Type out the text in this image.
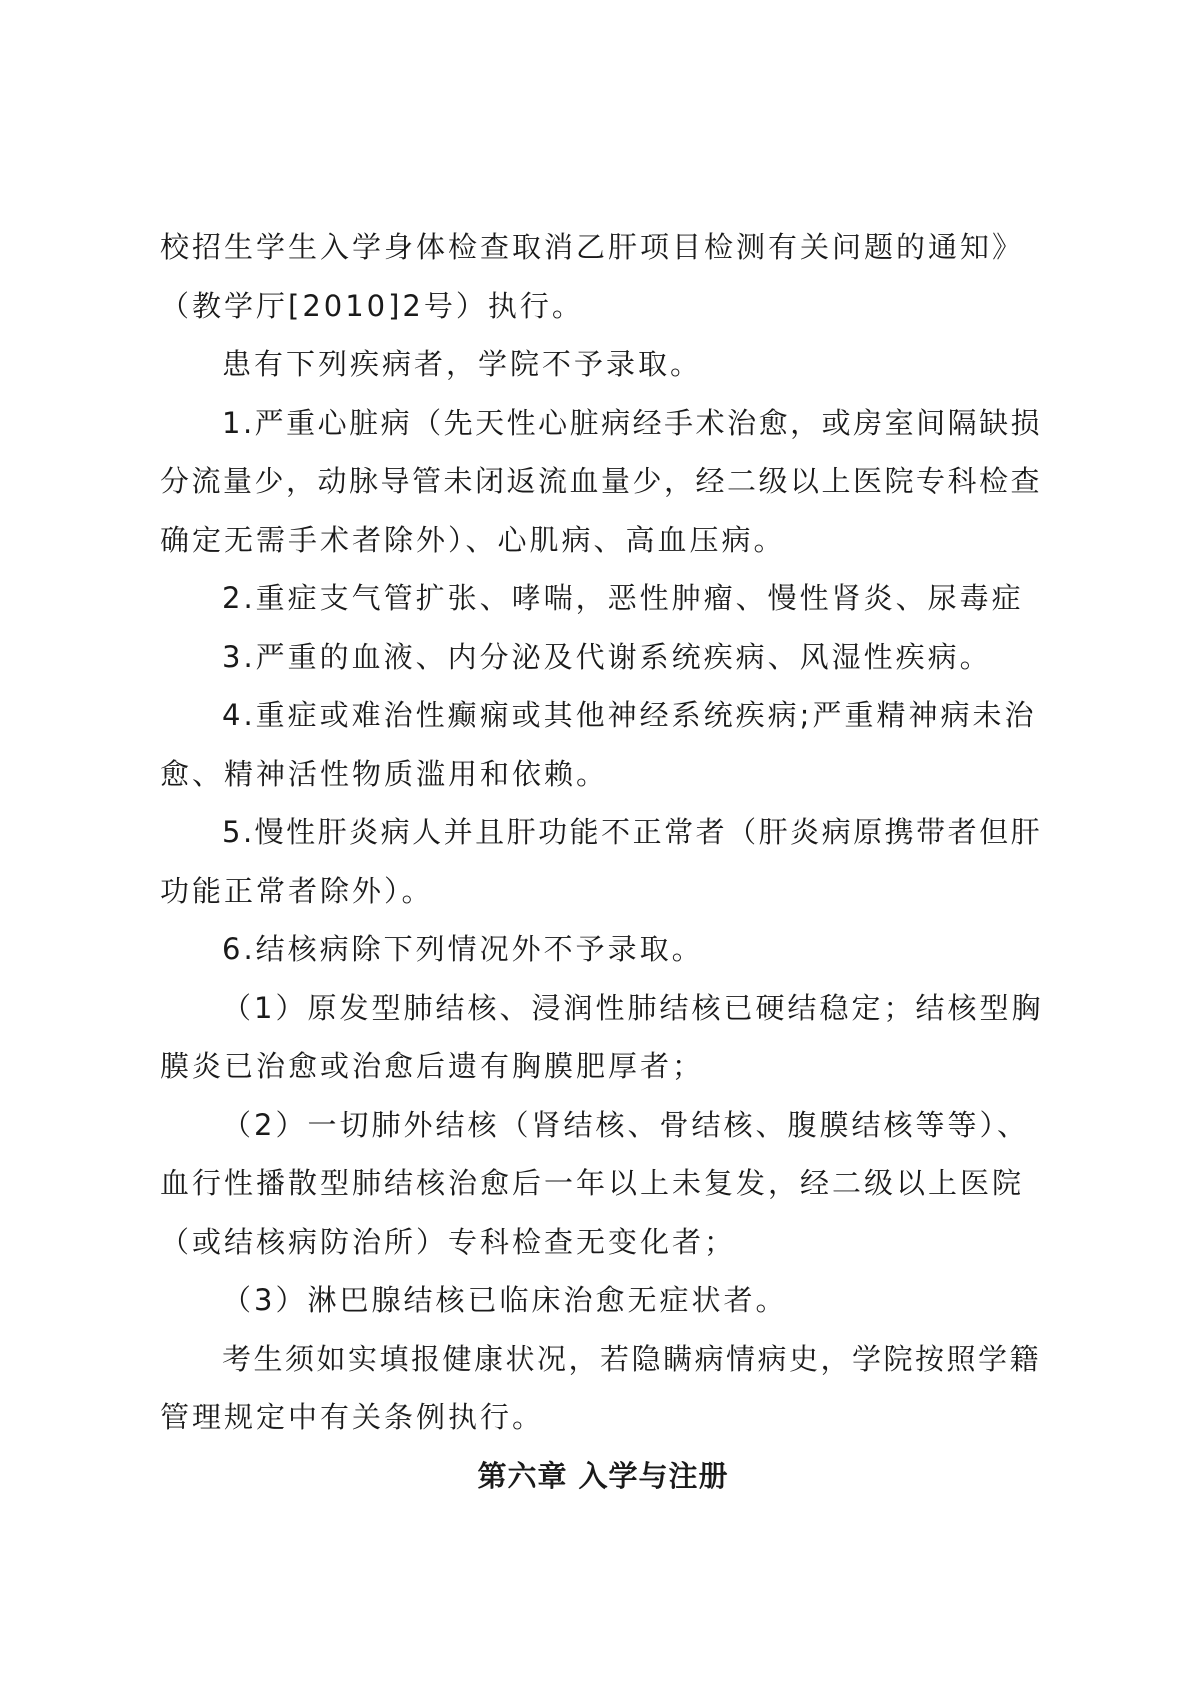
校招生学生入学身体检查取消乙肝项目检测有关问题的通知》
（教学厅[2010]2号）执行。
患有下列疾病者，学院不予录取。
1.严重心脏病（先天性心脏病经手术治愈，或房室间隔缺损
分流量少，动脉导管未闭返流血量少，经二级以上医院专科检查
确定无需手术者除外）、心肌病、高血压病。
2.重症支气管扩张、哮喘，恶性肿瘤、慢性肾炎、尿毒症
3.严重的血液、内分泌及代谢系统疾病、风湿性疾病。
4.重症或难治性癫痫或其他神经系统疾病;严重精神病未治
愈、精神活性物质滥用和依赖。
5.慢性肝炎病人并且肝功能不正常者（肝炎病原携带者但肝
功能正常者除外）。
6.结核病除下列情况外不予录取。
（1）原发型肺结核、浸润性肺结核已硬结稳定；结核型胸
膜炎已治愈或治愈后遗有胸膜肥厚者；
（2）一切肺外结核（肾结核、骨结核、腹膜结核等等）、
血行性播散型肺结核治愈后一年以上未复发，经二级以上医院
（或结核病防治所）专科检查无变化者；
（3）淋巴腺结核已临床治愈无症状者。
考生须如实填报健康状况，若隐瞒病情病史，学院按照学籍
管理规定中有关条例执行。
第六章 入学与注册
